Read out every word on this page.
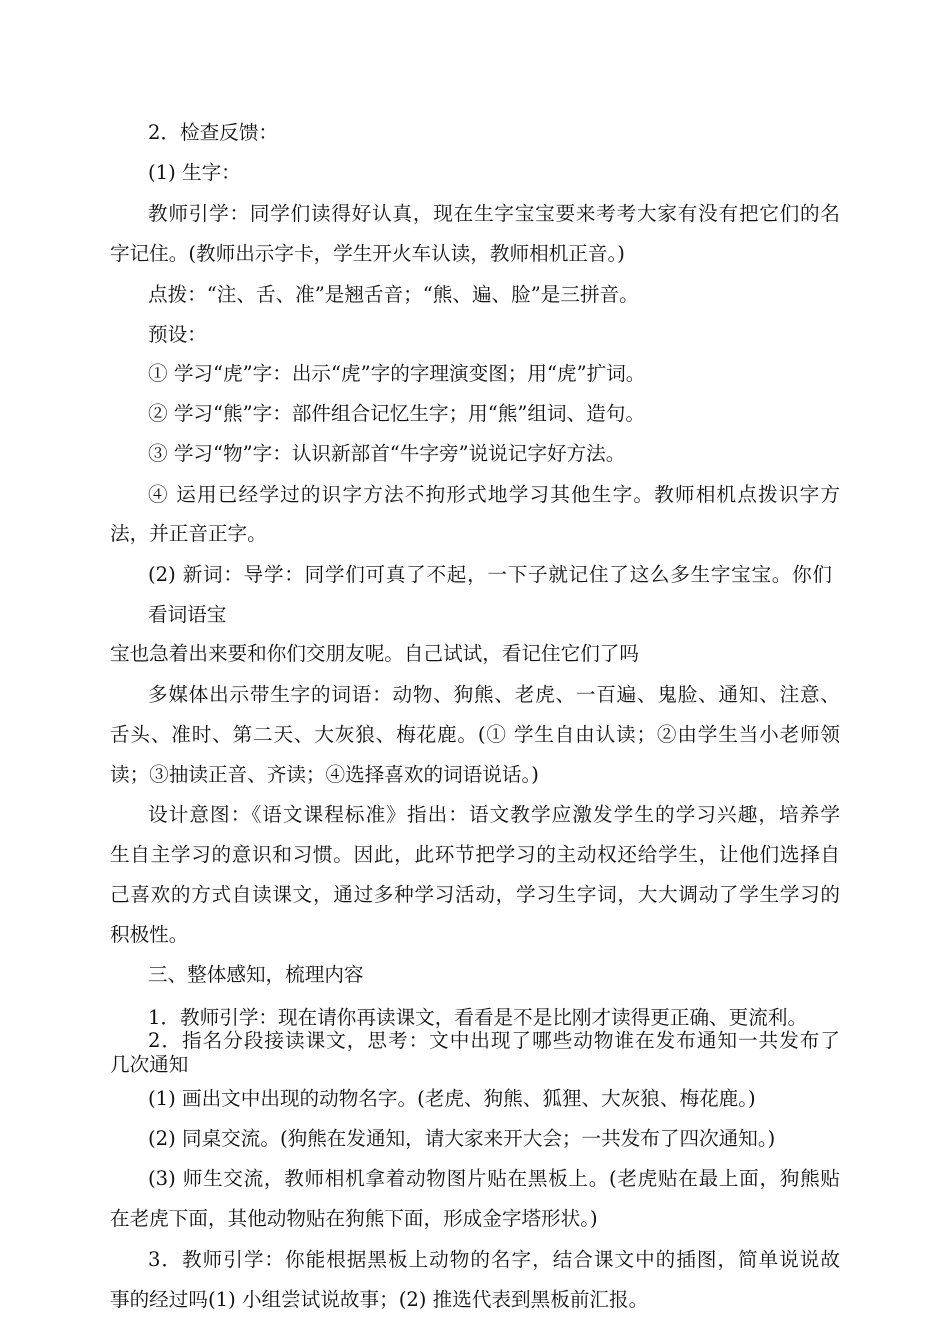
2．检查反馈：
(1) 生字：
教师引学：同学们读得好认真，现在生字宝宝要来考考大家有没有把它们的名
字记住。(教师出示字卡，学生开火车认读，教师相机正音。)
点拨：“注、舌、准”是翘舌音；“熊、遍、脸”是三拼音。
预设：
① 学习“虎”字：出示“虎”字的字理演变图；用“虎”扩词。
② 学习“熊”字：部件组合记忆生字；用“熊”组词、造句。
③ 学习“物”字：认识新部首“牛字旁”说说记字好方法。
④ 运用已经学过的识字方法不拘形式地学习其他生字。教师相机点拨识字方
法，并正音正字。
(2) 新词：导学：同学们可真了不起，一下子就记住了这么多生字宝宝。你们
看词语宝
宝也急着出来要和你们交朋友呢。自己试试，看记住它们了吗
多媒体出示带生字的词语：动物、狗熊、老虎、一百遍、鬼脸、通知、注意、
舌头、准时、第二天、大灰狼、梅花鹿。(① 学生自由认读；②由学生当小老师领
读；③抽读正音、齐读；④选择喜欢的词语说话。)
设计意图：《语文课程标准》指出：语文教学应激发学生的学习兴趣，培养学
生自主学习的意识和习惯。因此，此环节把学习的主动权还给学生，让他们选择自
己喜欢的方式自读课文，通过多种学习活动，学习生字词，大大调动了学生学习的
积极性。
三、整体感知，梳理内容
1．教师引学：现在请你再读课文，看看是不是比刚才读得更正确、更流利。
2．指名分段接读课文，思考：文中出现了哪些动物谁在发布通知一共发布了
几次通知
(1) 画出文中出现的动物名字。(老虎、狗熊、狐狸、大灰狼、梅花鹿。)
(2) 同桌交流。(狗熊在发通知，请大家来开大会；一共发布了四次通知。)
(3) 师生交流，教师相机拿着动物图片贴在黑板上。(老虎贴在最上面，狗熊贴
在老虎下面，其他动物贴在狗熊下面，形成金字塔形状。)
3．教师引学：你能根据黑板上动物的名字，结合课文中的插图，简单说说故
事的经过吗(1) 小组尝试说故事；(2) 推选代表到黑板前汇报。
